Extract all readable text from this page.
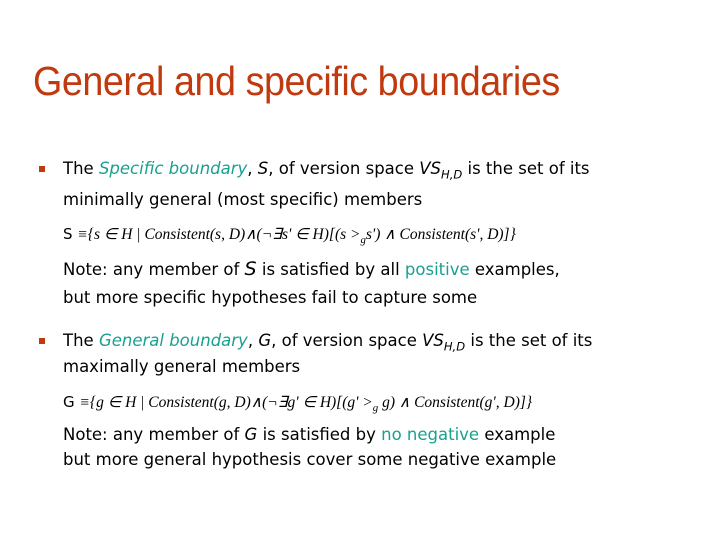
General and specific boundaries
The Specific boundary, S, of version space $VS_{H,D}$ is the set of its
minimally general (most specific) members
S ≡{s ∈ H | Consistent(s, D)∧(¬∃s' ∈ $H)[(s >_gs')$ ∧ Consistent(s', D)]}
Note: any member of S is satisfied by all positive examples,
but more specific hypotheses fail to capture some
The General boundary, G, of version space $VS_{H,D}$ is the set of its
maximally general members
G ≡{g ∈ H | Consistent(g, D)∧(¬∃g' ∈ $H)[(g' >_g$ g) ∧ Consistent(g', D)]}
Note: any member of G is satisfied by no negative example
but more general hypothesis cover some negative example
